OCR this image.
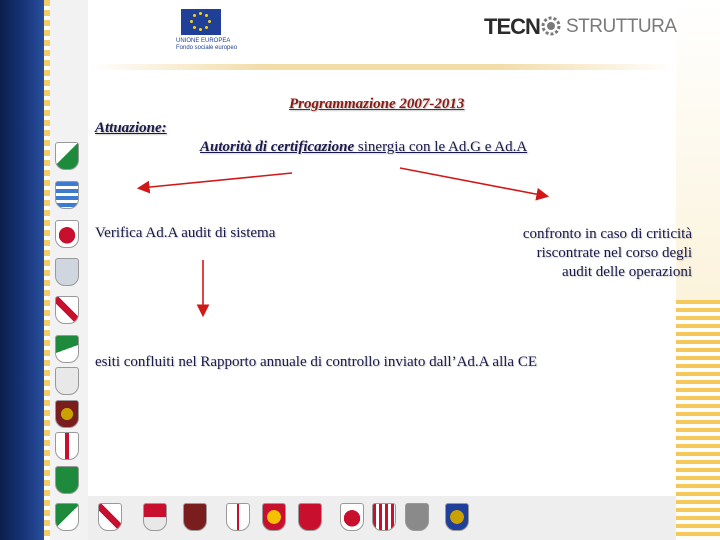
UNIONE EUROPEA
Fondo sociale europeo
TECN STRUTTURA
Programmazione 2007-2013
Attuazione:
Autorità di certificazione sinergia con le Ad.G e Ad.A
Verifica Ad.A audit di sistema	confronto in caso di criticità
riscontrate nel corso degli
audit delle operazioni
esiti confluiti nel Rapporto annuale di controllo inviato dall’Ad.A alla CE
